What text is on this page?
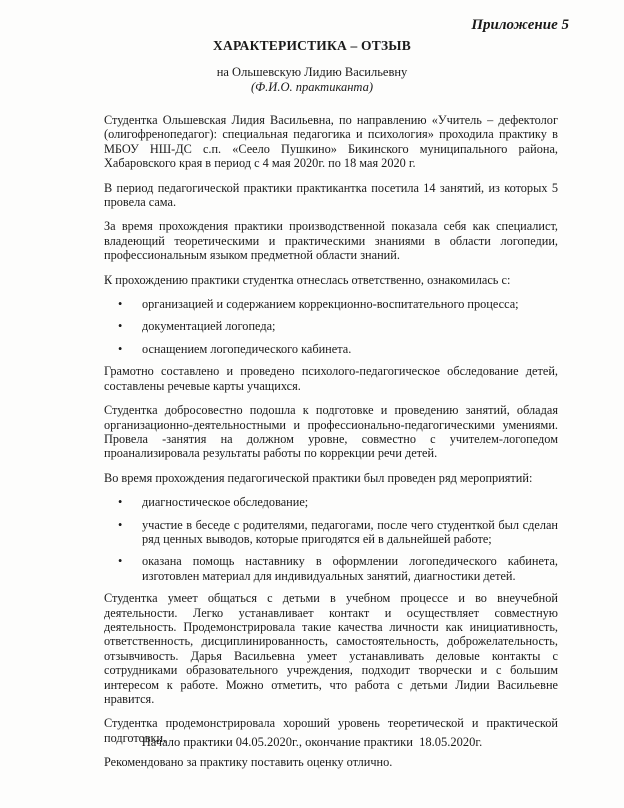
Приложение 5
ХАРАКТЕРИСТИКА – ОТЗЫВ
на Ольшевскую Лидию Васильевну
(Ф.И.О. практиканта)

Студентка Ольшевская Лидия Васильевна, по направлению «Учитель – дефектолог (олигофренопедагог): специальная педагогика и психология» проходила практику в МБОУ НШ-ДС с.п. «Сеело Пушкино» Бикинского муниципального района, Хабаровского края в период с 4 мая 2020г. по 18 мая 2020 г.

В период педагогической практики практикантка посетила 14 занятий, из которых 5 провела сама.

За время прохождения практики производственной показала себя как специалист, владеющий теоретическими и практическими знаниями в области логопедии, профессиональным языком предметной области знаний.

К прохождению практики студентка отнеслась ответственно, ознакомилась с:

• организацией и содержанием коррекционно-воспитательного процесса;
• документацией логопеда;
• оснащением логопедического кабинета.

Грамотно составлено и проведено психолого-педагогическое обследование детей, составлены речевые карты учащихся.

Студентка добросовестно подошла к подготовке и проведению занятий, обладая организационно-деятельностными и профессионально-педагогическими умениями. Провела -занятия на должном уровне, совместно с учителем-логопедом проанализировала результаты работы по коррекции речи детей.

Во время прохождения педагогической практики был проведен ряд мероприятий:

• диагностическое обследование;
• участие в беседе с родителями, педагогами, после чего студенткой был сделан ряд ценных выводов, которые пригодятся ей в дальнейшей работе;
• оказана помощь наставнику в оформлении логопедического кабинета, изготовлен материал для индивидуальных занятий, диагностики детей.

Студентка умеет общаться с детьми в учебном процессе и во внеучебной деятельности. Легко устанавливает контакт и осуществляет совместную деятельность. Продемонстрировала такие качества личности как инициативность, ответственность, дисциплинированность, самостоятельность, доброжелательность, отзывчивость. Дарья Васильевна умеет устанавливать деловые контакты с сотрудниками образовательного учреждения, подходит творчески и с большим интересом к работе. Можно отметить, что работа с детьми Лидии Васильевне нравится.

Студентка продемонстрировала хороший уровень теоретической и практической подготовки.

Рекомендовано за практику поставить оценку отлично.

Начало практики 04.05.2020г., окончание практики  18.05.2020г.
